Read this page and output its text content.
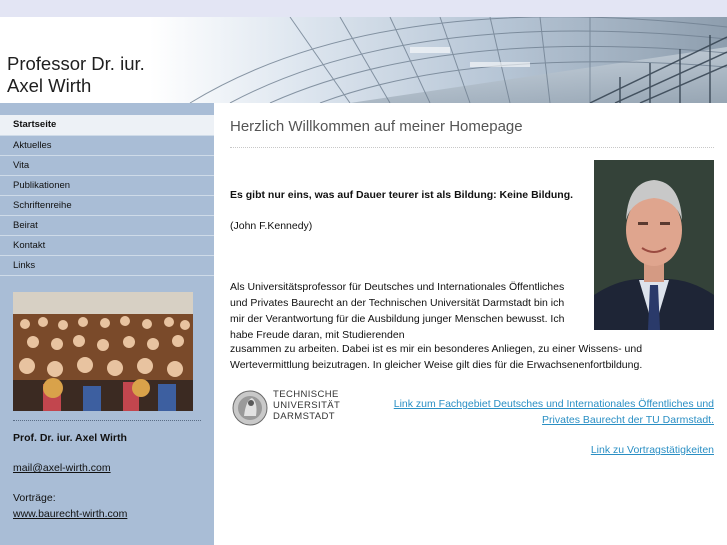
Professor Dr. iur.
Axel Wirth
Startseite
Aktuelles
Vita
Publikationen
Schriftenreihe
Beirat
Kontakt
Links
Prof. Dr. iur. Axel Wirth
mail@axel-wirth.com
Vorträge:
www.baurecht-wirth.com
Herzlich Willkommen auf meiner Homepage
Es gibt nur eins, was auf Dauer teurer ist als Bildung: Keine Bildung.
(John F.Kennedy)
Als Universitätsprofessor für Deutsches und Internationales Öffentliches und Privates Baurecht an der Technischen Universität Darmstadt bin ich mir der Verantwortung für die Ausbildung junger Menschen bewusst. Ich habe Freude daran, mit Studierenden
zusammen zu arbeiten. Dabei ist es mir ein besonderes Anliegen, zu einer Wissens- und Wertevermittlung beizutragen. In gleicher Weise gilt dies für die Erwachsenenfortbildung.
TECHNISCHE
UNIVERSITÄT
DARMSTADT
Link zum Fachgebiet Deutsches und Internationales Öffentliches und Privates Baurecht der TU Darmstadt.
Link zu Vortragstätigkeiten
